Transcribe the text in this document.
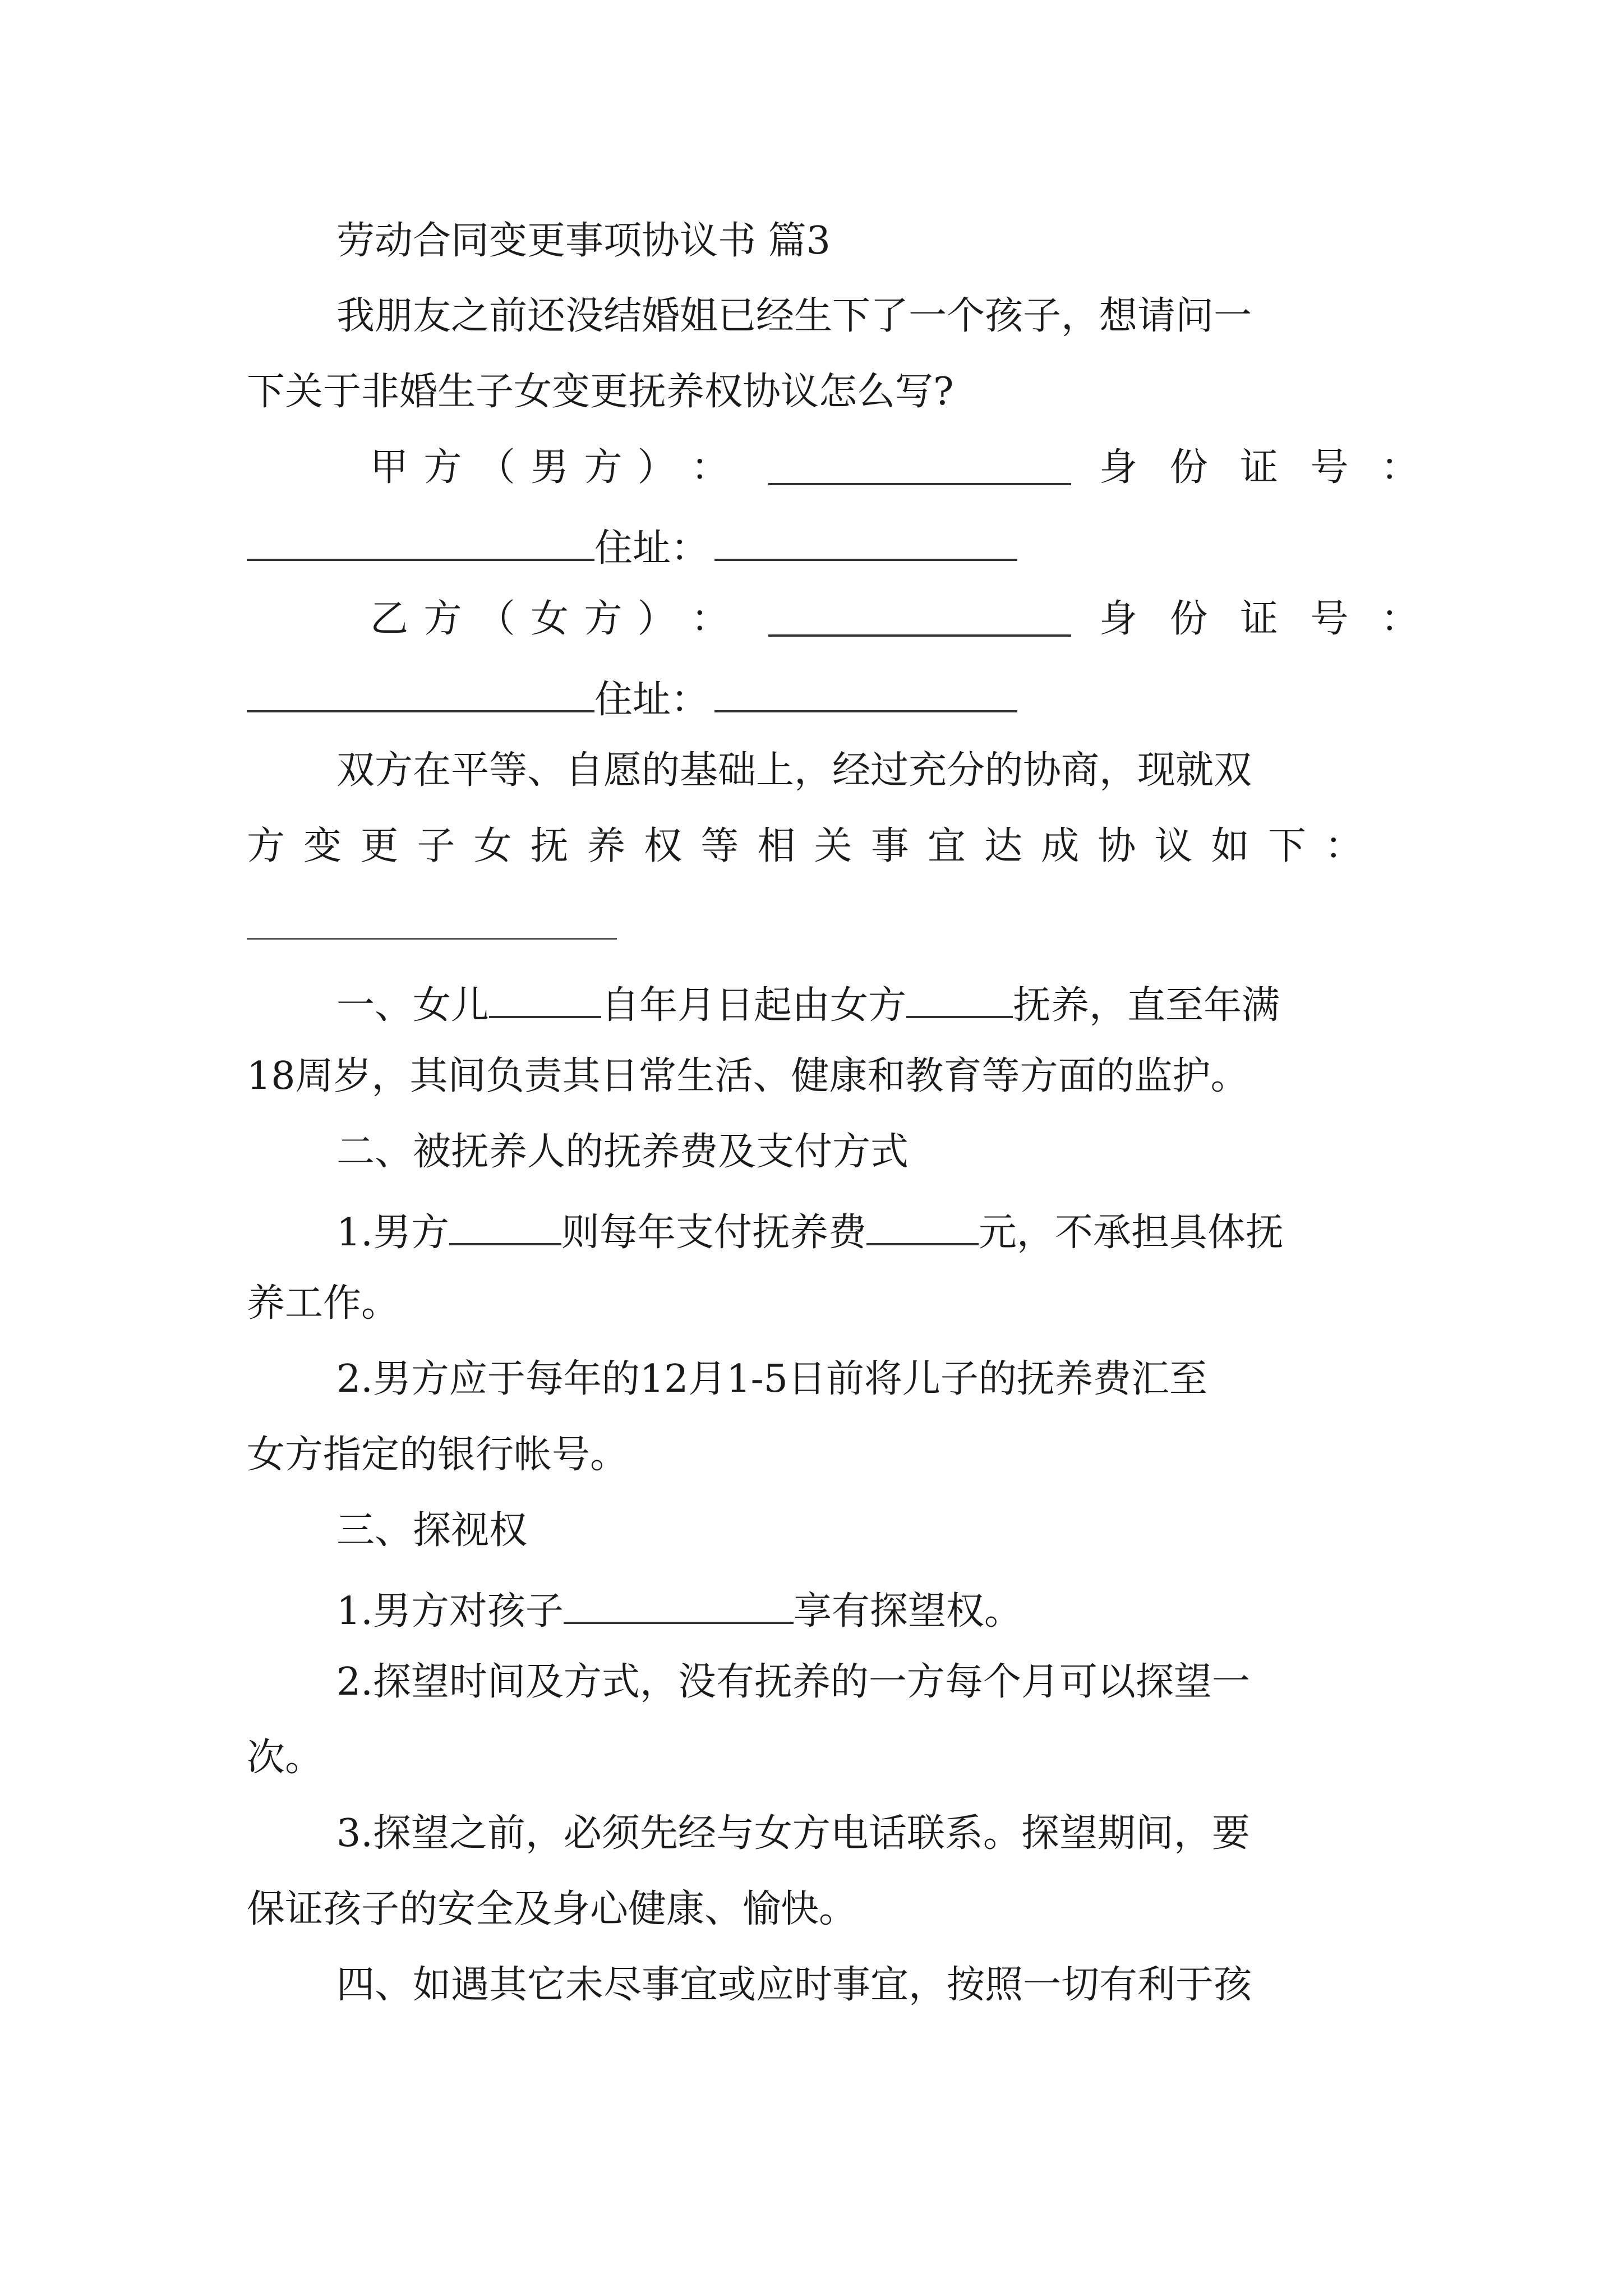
劳动合同变更事项协议书 篇3
我朋友之前还没结婚姐已经生下了一个孩子，想请问一
下关于非婚生子女变更抚养权协议怎么写?
甲 方 （ 男 方 ） ：	身 份 证 号 ：
住址：
乙 方 （ 女 方 ） ：	身 份 证 号 ：
住址：
双方在平等、自愿的基础上，经过充分的协商，现就双
方 变 更 子 女 抚 养 权 等 相 关 事 宜 达 成 协 议 如 下 ：
一、女儿	自年月日起由女方	抚养，直至年满
18周岁，其间负责其日常生活、健康和教育等方面的监护。
二、被抚养人的抚养费及支付方式
1.男方	则每年支付抚养费	元，不承担具体抚
养工作。
2.男方应于每年的12月1-5日前将儿子的抚养费汇至
女方指定的银行帐号。
三、探视权
1.男方对孩子	享有探望权。
2.探望时间及方式，没有抚养的一方每个月可以探望一
次。
3.探望之前，必须先经与女方电话联系。探望期间，要
保证孩子的安全及身心健康、愉快。
四、如遇其它未尽事宜或应时事宜，按照一切有利于孩
